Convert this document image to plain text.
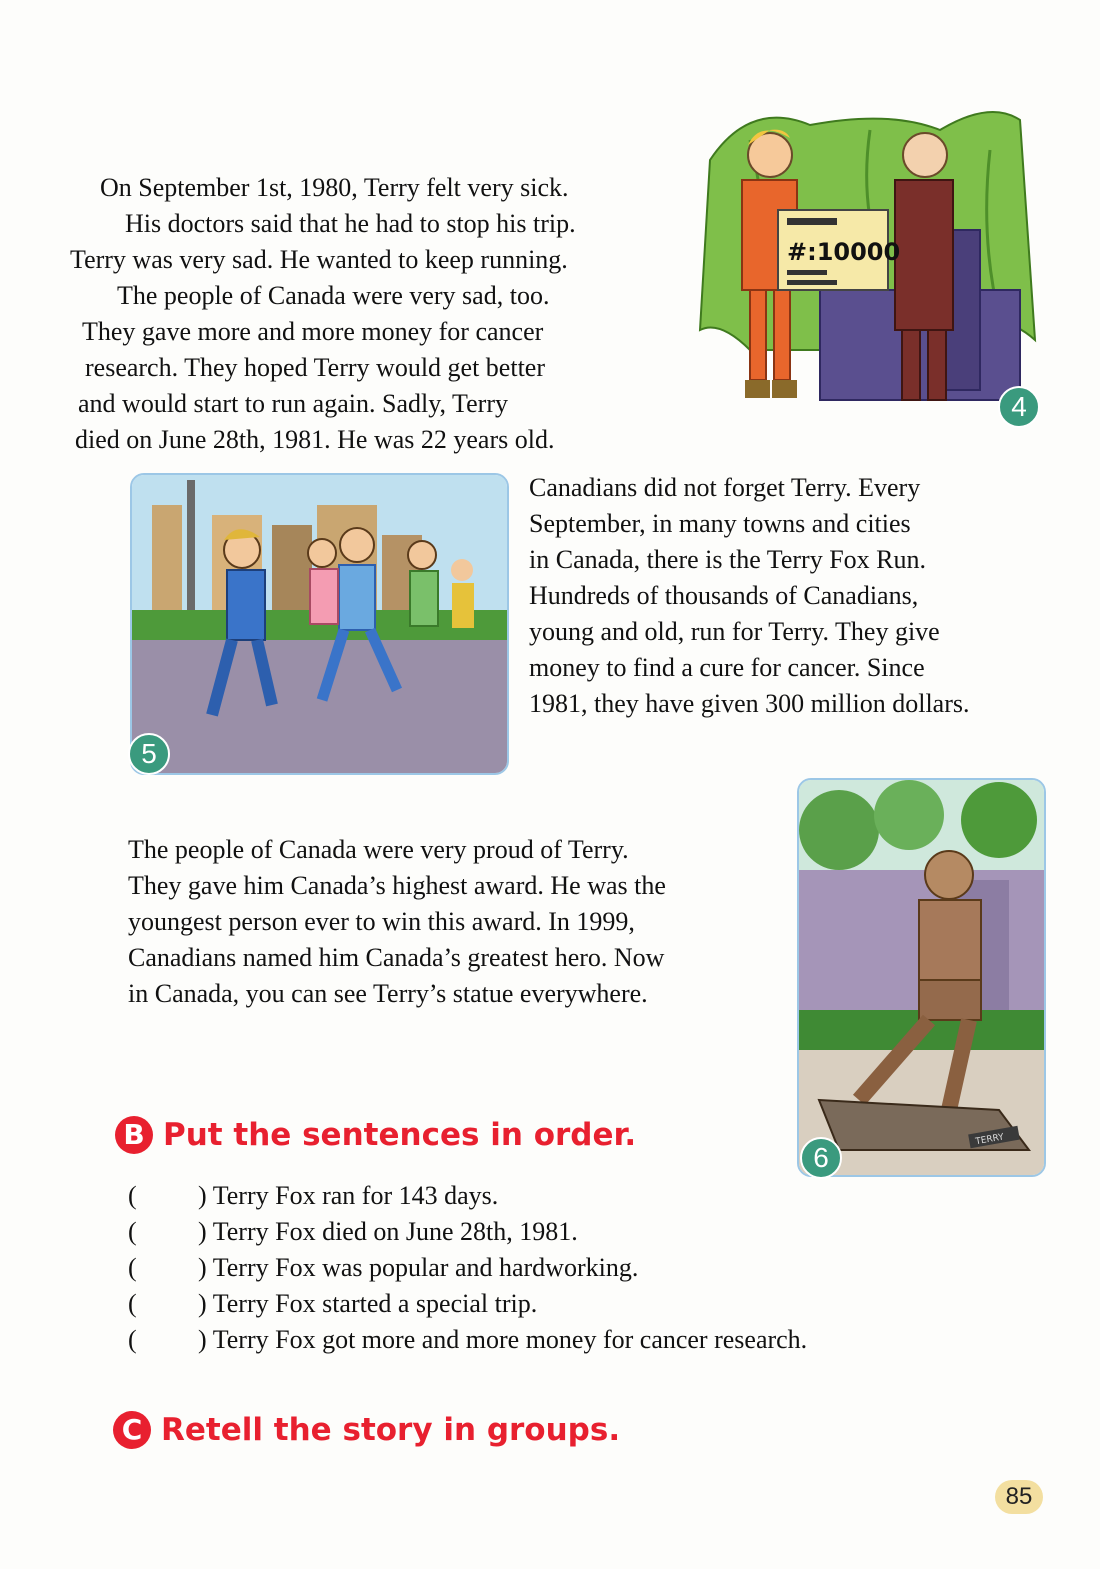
On September 1st, 1980, Terry felt very sick.
His doctors said that he had to stop his trip.
Terry was very sad. He wanted to keep running.
The people of Canada were very sad, too.
They gave more and more money for cancer
research. They hoped Terry would get better
and would start to run again. Sadly, Terry
died on June 28th, 1981. He was 22 years old.

#:10000
4
5

Canadians did not forget Terry. Every
September, in many towns and cities
in Canada, there is the Terry Fox Run.
Hundreds of thousands of Canadians,
young and old, run for Terry. They give
money to find a cure for cancer. Since
1981, they have given 300 million dollars.

The people of Canada were very proud of Terry.
They gave him Canada’s highest award. He was the
youngest person ever to win this award. In 1999,
Canadians named him Canada’s greatest hero. Now
in Canada, you can see Terry’s statue everywhere.

TERRY
6
B Put the sentences in order.
( ) Terry Fox ran for 143 days.
( ) Terry Fox died on June 28th, 1981.
( ) Terry Fox was popular and hardworking.
( ) Terry Fox started a special trip.
( ) Terry Fox got more and more money for cancer research.
C Retell the story in groups.
85
